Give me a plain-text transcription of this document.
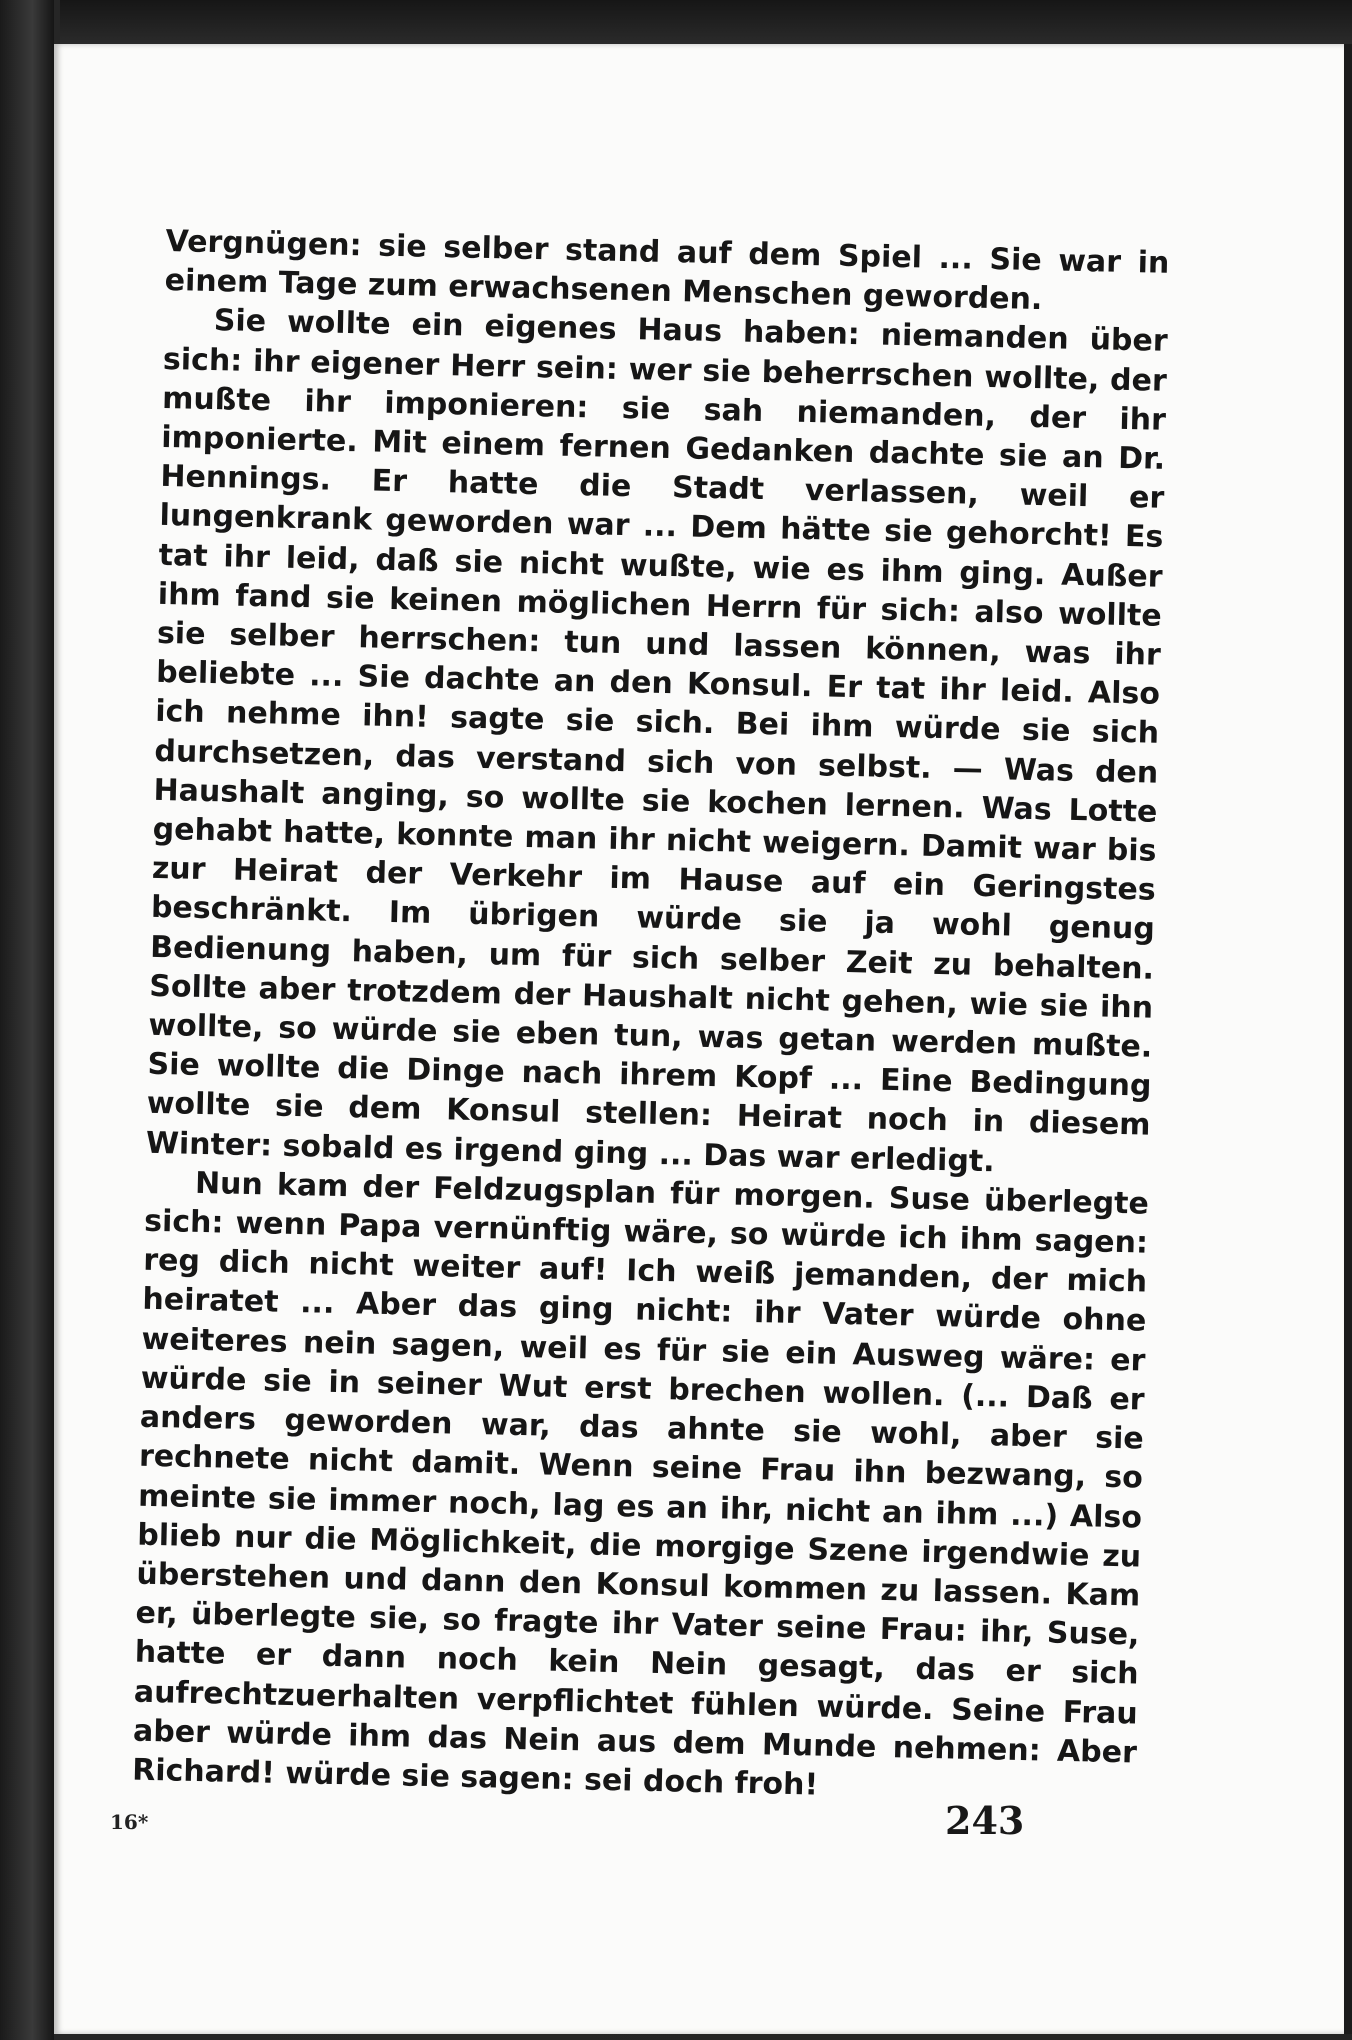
Vergnügen: sie selber stand auf dem Spiel ... Sie war in einem Tage zum erwachsenen Menschen geworden.

Sie wollte ein eigenes Haus haben: niemanden über sich: ihr eigener Herr sein: wer sie beherrschen wollte, der mußte ihr imponieren: sie sah niemanden, der ihr imponierte. Mit einem fernen Gedanken dachte sie an Dr. Hennings. Er hatte die Stadt verlassen, weil er lungenkrank geworden war ... Dem hätte sie gehorcht! Es tat ihr leid, daß sie nicht wußte, wie es ihm ging. Außer ihm fand sie keinen möglichen Herrn für sich: also wollte sie selber herrschen: tun und lassen können, was ihr beliebte ... Sie dachte an den Konsul. Er tat ihr leid. Also ich nehme ihn! sagte sie sich. Bei ihm würde sie sich durchsetzen, das verstand sich von selbst. — Was den Haushalt anging, so wollte sie kochen lernen. Was Lotte gehabt hatte, konnte man ihr nicht weigern. Damit war bis zur Heirat der Verkehr im Hause auf ein Geringstes beschränkt. Im übrigen würde sie ja wohl genug Bedienung haben, um für sich selber Zeit zu behalten. Sollte aber trotzdem der Haushalt nicht gehen, wie sie ihn wollte, so würde sie eben tun, was getan werden mußte. Sie wollte die Dinge nach ihrem Kopf ... Eine Bedingung wollte sie dem Konsul stellen: Heirat noch in diesem Winter: sobald es irgend ging ... Das war erledigt.

Nun kam der Feldzugsplan für morgen. Suse überlegte sich: wenn Papa vernünftig wäre, so würde ich ihm sagen: reg dich nicht weiter auf! Ich weiß jemanden, der mich heiratet ... Aber das ging nicht: ihr Vater würde ohne weiteres nein sagen, weil es für sie ein Ausweg wäre: er würde sie in seiner Wut erst brechen wollen. (... Daß er anders geworden war, das ahnte sie wohl, aber sie rechnete nicht damit. Wenn seine Frau ihn bezwang, so meinte sie immer noch, lag es an ihr, nicht an ihm ...) Also blieb nur die Möglichkeit, die morgige Szene irgendwie zu überstehen und dann den Konsul kommen zu lassen. Kam er, überlegte sie, so fragte ihr Vater seine Frau: ihr, Suse, hatte er dann noch kein Nein gesagt, das er sich aufrechtzuerhalten verpflichtet fühlen würde. Seine Frau aber würde ihm das Nein aus dem Munde nehmen: Aber Richard! würde sie sagen: sei doch froh!

16*	243
